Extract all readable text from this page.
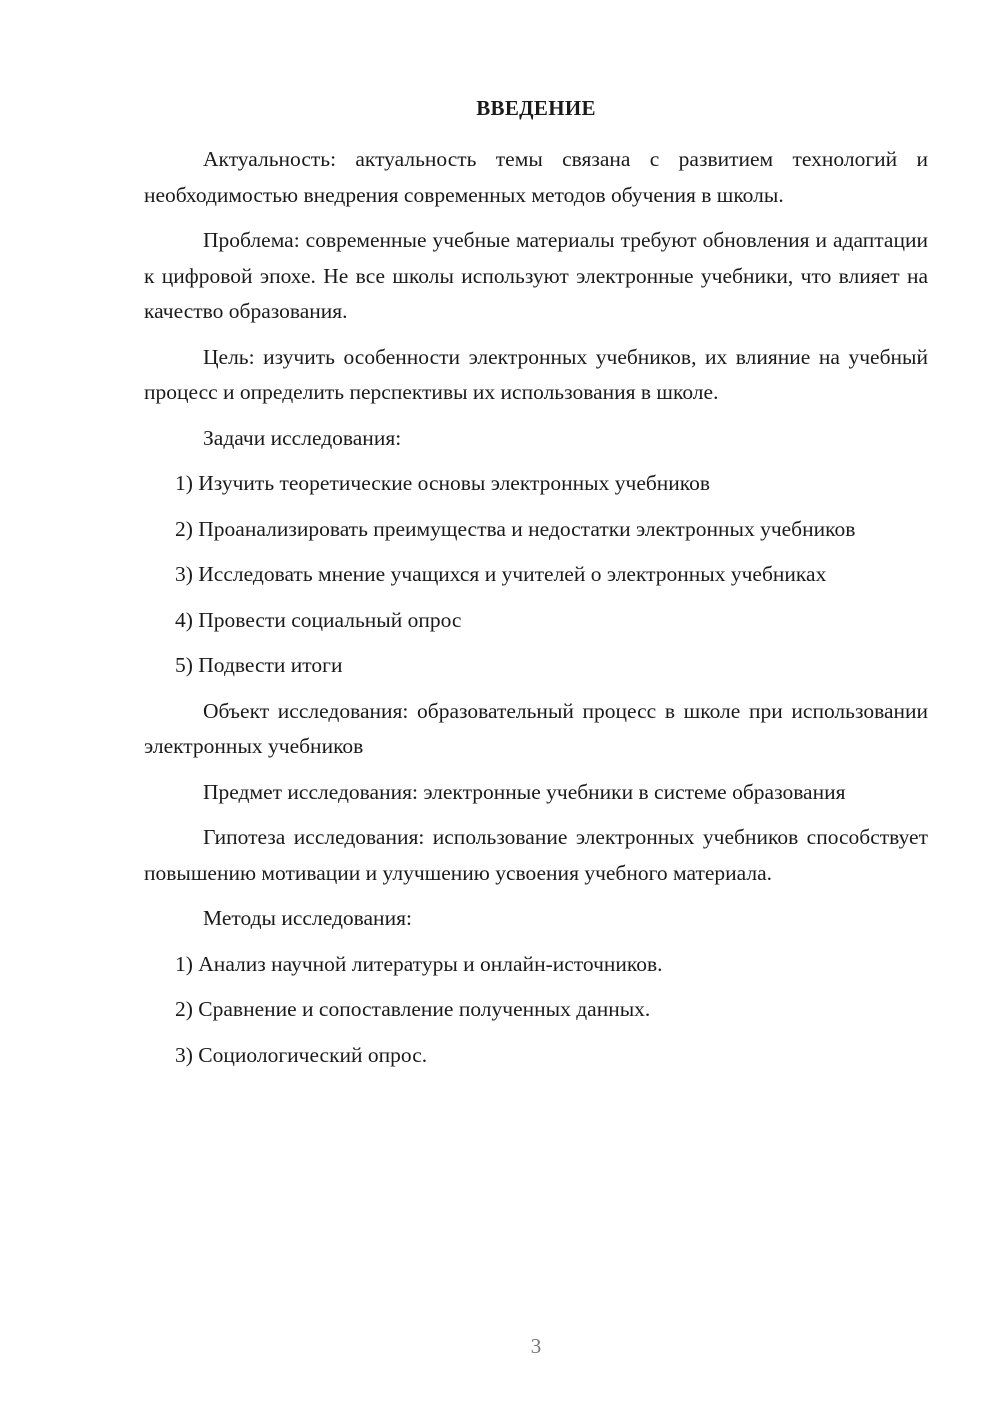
ВВЕДЕНИЕ

Актуальность: актуальность темы связана с развитием технологий и необходимостью внедрения современных методов обучения в школы.

Проблема: современные учебные материалы требуют обновления и адаптации к цифровой эпохе. Не все школы используют электронные учебники, что влияет на качество образования.

Цель: изучить особенности электронных учебников, их влияние на учебный процесс и определить перспективы их использования в школе.

Задачи исследования:

1) Изучить теоретические основы электронных учебников

2) Проанализировать преимущества и недостатки электронных учебников

3) Исследовать мнение учащихся и учителей о электронных учебниках

4) Провести социальный опрос

5) Подвести итоги

Объект исследования: образовательный процесс в школе при использовании электронных учебников

Предмет исследования: электронные учебники в системе образования

Гипотеза исследования: использование электронных учебников способствует повышению мотивации и улучшению усвоения учебного материала.

Методы исследования:

1) Анализ научной литературы и онлайн-источников.

2) Сравнение и сопоставление полученных данных.

3) Социологический опрос.

3
